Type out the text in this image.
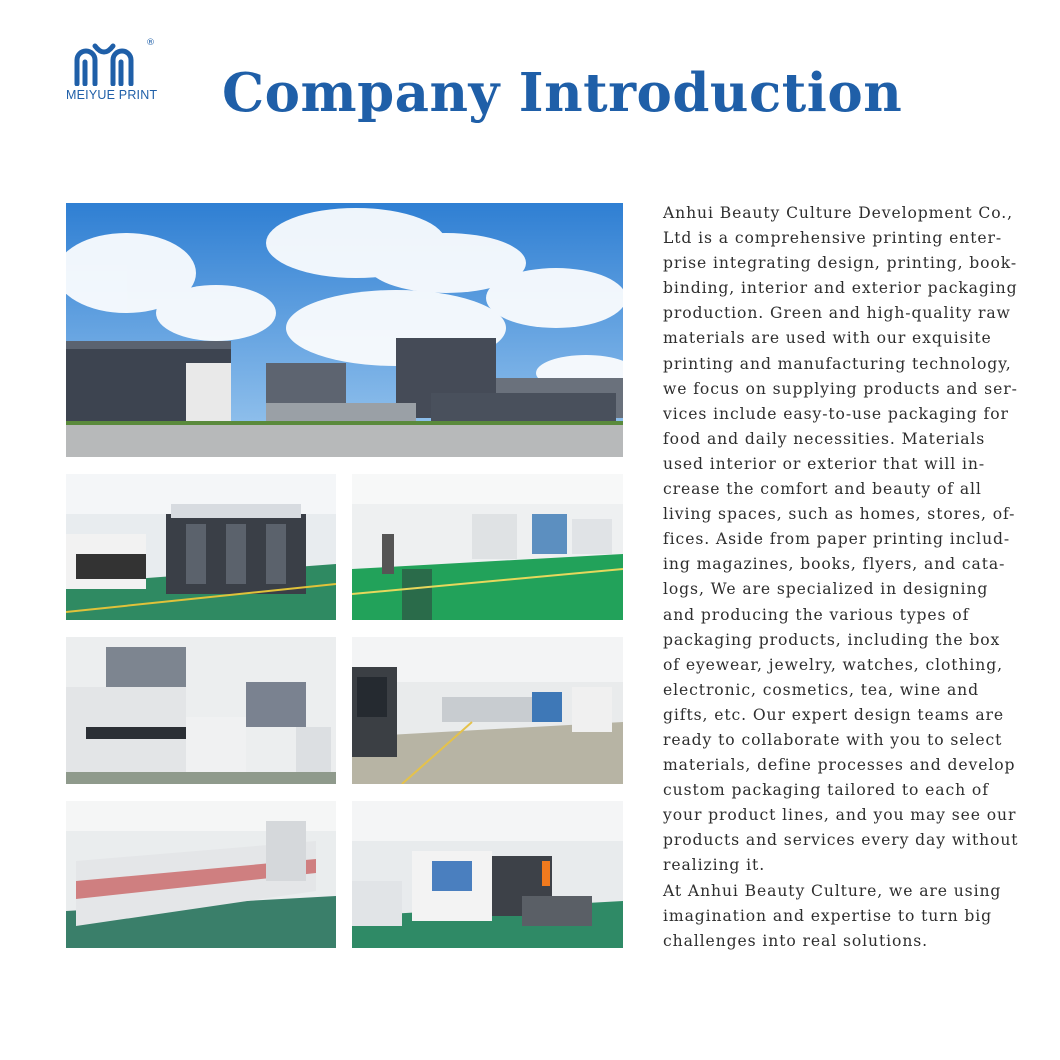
®
MEIYUE PRINT Company Introduction
Anhui Beauty Culture Development Co.,
Ltd is a comprehensive printing enter-
prise integrating design, printing, book-
binding, interior and exterior packaging
production. Green and high-quality raw
materials are used with our exquisite
printing and manufacturing technology,
we focus on supplying products and ser-
vices include easy-to-use packaging for
food and daily necessities. Materials
used interior or exterior that will in-
crease the comfort and beauty of all
living spaces, such as homes, stores, of-
fices. Aside from paper printing includ-
ing magazines, books, flyers, and cata-
logs, We are specialized in designing
and producing the various types of
packaging products, including the box
of eyewear, jewelry, watches, clothing,
electronic, cosmetics, tea, wine and
gifts, etc. Our expert design teams are
ready to collaborate with you to select
materials, define processes and develop
custom packaging tailored to each of
your product lines, and you may see our
products and services every day without
realizing it.
At Anhui Beauty Culture, we are using
imagination and expertise to turn big
challenges into real solutions.
